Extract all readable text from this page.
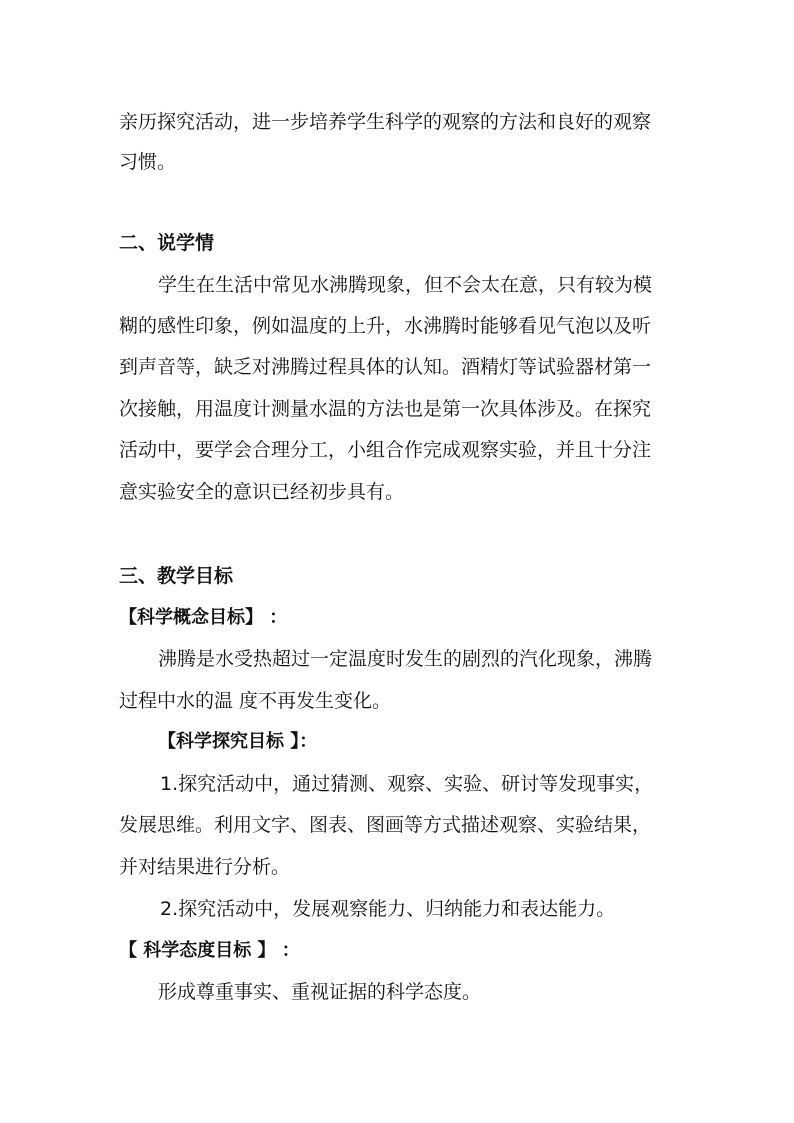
亲历探究活动，进一步培养学生科学的观察的方法和良好的观察
习惯。
二、说学情
学生在生活中常见水沸腾现象，但不会太在意，只有较为模
糊的感性印象，例如温度的上升，水沸腾时能够看见气泡以及听
到声音等，缺乏对沸腾过程具体的认知。酒精灯等试验器材第一
次接触，用温度计测量水温的方法也是第一次具体涉及。在探究
活动中，要学会合理分工，小组合作完成观察实验，并且十分注
意实验安全的意识已经初步具有。
三、教学目标
【科学概念目标】 ：
沸腾是水受热超过一定温度时发生的剧烈的汽化现象，沸腾
过程中水的温 度不再发生变化。
【科学探究目标 】：
1.探究活动中，通过猜测、观察、实验、研讨等发现事实，
发展思维。利用文字、图表、图画等方式描述观察、实验结果，
并对结果进行分析。
2.探究活动中，发展观察能力、归纳能力和表达能力。
【 科学态度目标 】 ：
形成尊重事实、重视证据的科学态度。
